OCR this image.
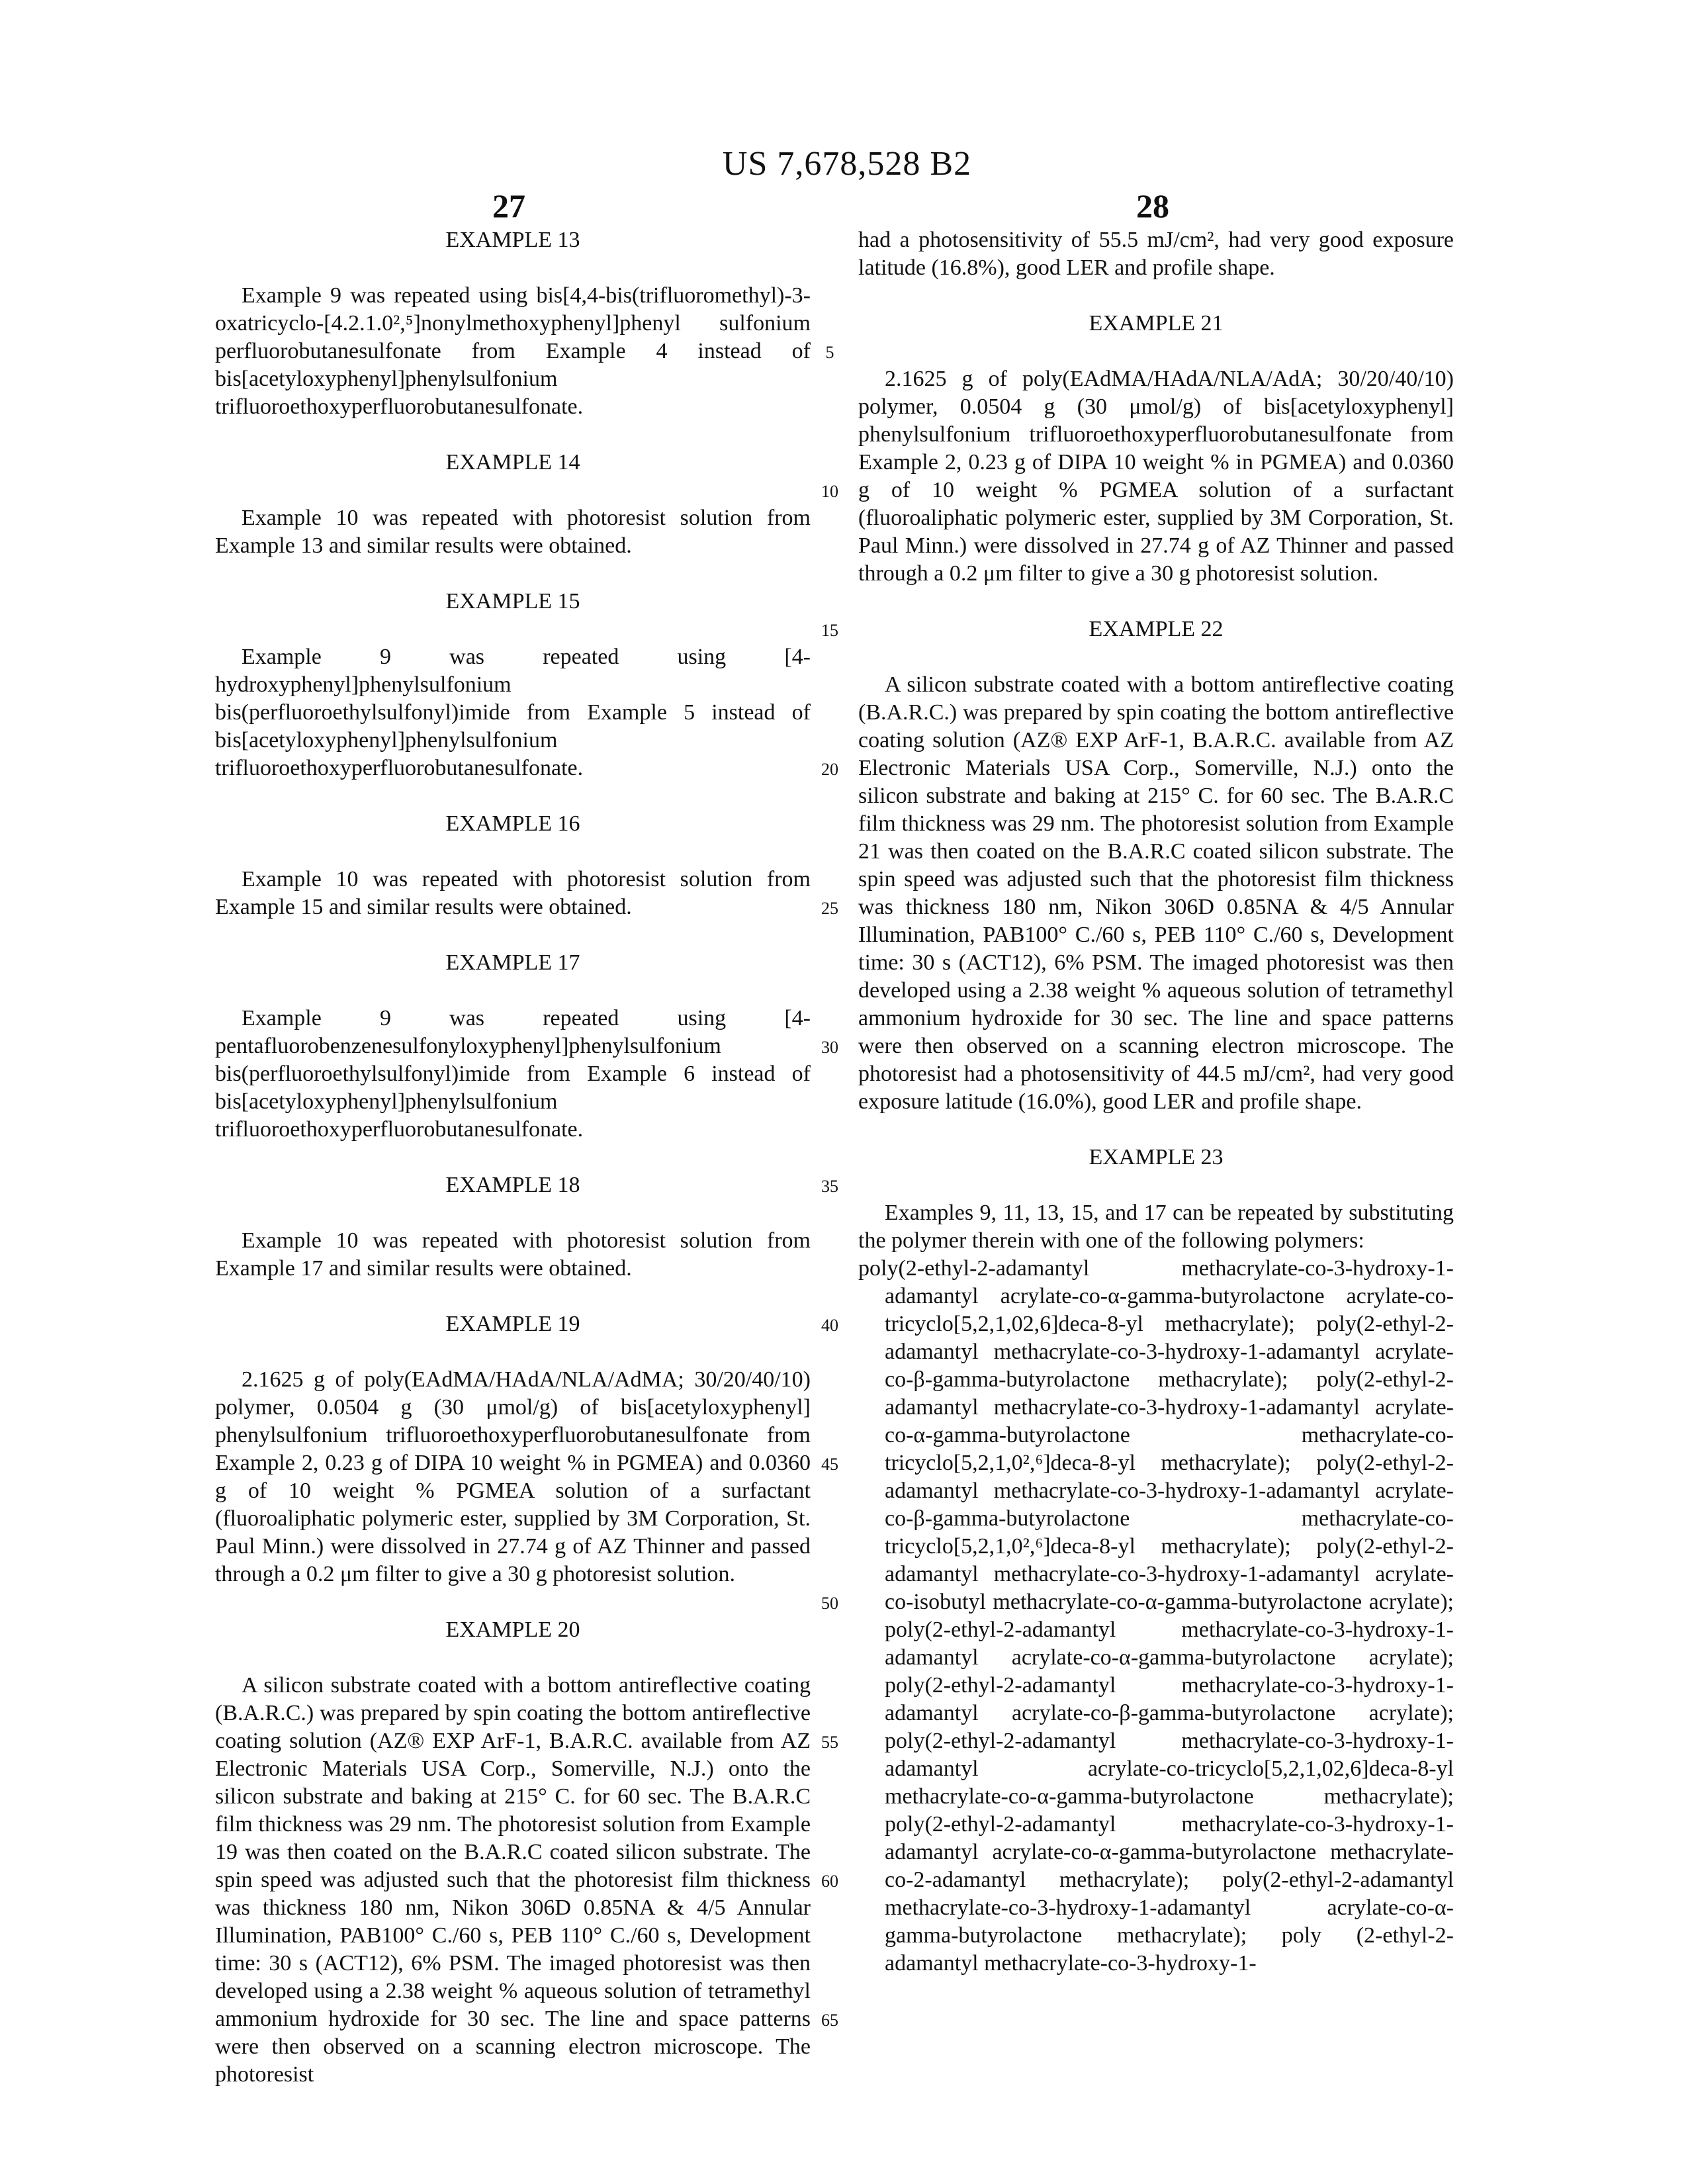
US 7,678,528 B2
27	28

EXAMPLE 13

Example 9 was repeated using bis[4,4-bis(trifluoromethyl)-3-oxatricyclo-[4.2.1.0²,⁵]nonylmethoxyphenyl]phenyl sulfonium perfluorobutanesulfonate from Example 4 instead of bis[acetyloxyphenyl]phenylsulfonium trifluoroethoxyperfluorobutanesulfonate.

EXAMPLE 14

Example 10 was repeated with photoresist solution from Example 13 and similar results were obtained.

EXAMPLE 15

Example 9 was repeated using [4-hydroxyphenyl]phenylsulfonium bis(perfluoroethylsulfonyl)imide from Example 5 instead of bis[acetyloxyphenyl]phenylsulfonium trifluoroethoxyperfluorobutanesulfonate.

EXAMPLE 16

Example 10 was repeated with photoresist solution from Example 15 and similar results were obtained.

EXAMPLE 17

Example 9 was repeated using [4-pentafluorobenzenesulfonyloxyphenyl]phenylsulfonium bis(perfluoroethylsulfonyl)imide from Example 6 instead of bis[acetyloxyphenyl]phenylsulfonium trifluoroethoxyperfluorobutanesulfonate.

EXAMPLE 18

Example 10 was repeated with photoresist solution from Example 17 and similar results were obtained.

EXAMPLE 19

2.1625 g of poly(EAdMA/HAdA/NLA/AdMA; 30/20/40/10) polymer, 0.0504 g (30 μmol/g) of bis[acetyloxyphenyl] phenylsulfonium trifluoroethoxyperfluorobutanesulfonate from Example 2, 0.23 g of DIPA 10 weight % in PGMEA) and 0.0360 g of 10 weight % PGMEA solution of a surfactant (fluoroaliphatic polymeric ester, supplied by 3M Corporation, St. Paul Minn.) were dissolved in 27.74 g of AZ Thinner and passed through a 0.2 μm filter to give a 30 g photoresist solution.

EXAMPLE 20

A silicon substrate coated with a bottom antireflective coating (B.A.R.C.) was prepared by spin coating the bottom antireflective coating solution (AZ® EXP ArF-1, B.A.R.C. available from AZ Electronic Materials USA Corp., Somerville, N.J.) onto the silicon substrate and baking at 215° C. for 60 sec. The B.A.R.C film thickness was 29 nm. The photoresist solution from Example 19 was then coated on the B.A.R.C coated silicon substrate. The spin speed was adjusted such that the photoresist film thickness was thickness 180 nm, Nikon 306D 0.85NA & 4/5 Annular Illumination, PAB100° C./60 s, PEB 110° C./60 s, Development time: 30 s (ACT12), 6% PSM. The imaged photoresist was then developed using a 2.38 weight % aqueous solution of tetramethyl ammonium hydroxide for 30 sec. The line and space patterns were then observed on a scanning electron microscope. The photoresist

had a photosensitivity of 55.5 mJ/cm², had very good exposure latitude (16.8%), good LER and profile shape.

EXAMPLE 21

2.1625 g of poly(EAdMA/HAdA/NLA/AdA; 30/20/40/10) polymer, 0.0504 g (30 μmol/g) of bis[acetyloxyphenyl] phenylsulfonium trifluoroethoxyperfluorobutanesulfonate from Example 2, 0.23 g of DIPA 10 weight % in PGMEA) and 0.0360 g of 10 weight % PGMEA solution of a surfactant (fluoroaliphatic polymeric ester, supplied by 3M Corporation, St. Paul Minn.) were dissolved in 27.74 g of AZ Thinner and passed through a 0.2 μm filter to give a 30 g photoresist solution.

EXAMPLE 22

A silicon substrate coated with a bottom antireflective coating (B.A.R.C.) was prepared by spin coating the bottom antireflective coating solution (AZ® EXP ArF-1, B.A.R.C. available from AZ Electronic Materials USA Corp., Somerville, N.J.) onto the silicon substrate and baking at 215° C. for 60 sec. The B.A.R.C film thickness was 29 nm. The photoresist solution from Example 21 was then coated on the B.A.R.C coated silicon substrate. The spin speed was adjusted such that the photoresist film thickness was thickness 180 nm, Nikon 306D 0.85NA & 4/5 Annular Illumination, PAB100° C./60 s, PEB 110° C./60 s, Development time: 30 s (ACT12), 6% PSM. The imaged photoresist was then developed using a 2.38 weight % aqueous solution of tetramethyl ammonium hydroxide for 30 sec. The line and space patterns were then observed on a scanning electron microscope. The photoresist had a photosensitivity of 44.5 mJ/cm², had very good exposure latitude (16.0%), good LER and profile shape.

EXAMPLE 23

Examples 9, 11, 13, 15, and 17 can be repeated by substituting the polymer therein with one of the following polymers:

poly(2-ethyl-2-adamantyl methacrylate-co-3-hydroxy-1-adamantyl acrylate-co-α-gamma-butyrolactone acrylate-co-tricyclo[5,2,1,02,6]deca-8-yl methacrylate); poly(2-ethyl-2-adamantyl methacrylate-co-3-hydroxy-1-adamantyl acrylate-co-β-gamma-butyrolactone methacrylate); poly(2-ethyl-2-adamantyl methacrylate-co-3-hydroxy-1-adamantyl acrylate-co-α-gamma-butyrolactone methacrylate-co-tricyclo[5,2,1,0²,⁶]deca-8-yl methacrylate); poly(2-ethyl-2-adamantyl methacrylate-co-3-hydroxy-1-adamantyl acrylate-co-β-gamma-butyrolactone methacrylate-co-tricyclo[5,2,1,0²,⁶]deca-8-yl methacrylate); poly(2-ethyl-2-adamantyl methacrylate-co-3-hydroxy-1-adamantyl acrylate-co-isobutyl methacrylate-co-α-gamma-butyrolactone acrylate); poly(2-ethyl-2-adamantyl methacrylate-co-3-hydroxy-1-adamantyl acrylate-co-α-gamma-butyrolactone acrylate); poly(2-ethyl-2-adamantyl methacrylate-co-3-hydroxy-1-adamantyl acrylate-co-β-gamma-butyrolactone acrylate); poly(2-ethyl-2-adamantyl methacrylate-co-3-hydroxy-1-adamantyl acrylate-co-tricyclo[5,2,1,02,6]deca-8-yl methacrylate-co-α-gamma-butyrolactone methacrylate); poly(2-ethyl-2-adamantyl methacrylate-co-3-hydroxy-1-adamantyl acrylate-co-α-gamma-butyrolactone methacrylate-co-2-adamantyl methacrylate); poly(2-ethyl-2-adamantyl methacrylate-co-3-hydroxy-1-adamantyl acrylate-co-α-gamma-butyrolactone methacrylate); poly (2-ethyl-2-adamantyl methacrylate-co-3-hydroxy-1-

5
10
15
20
25
30
35
40
45
50
55
60
65
